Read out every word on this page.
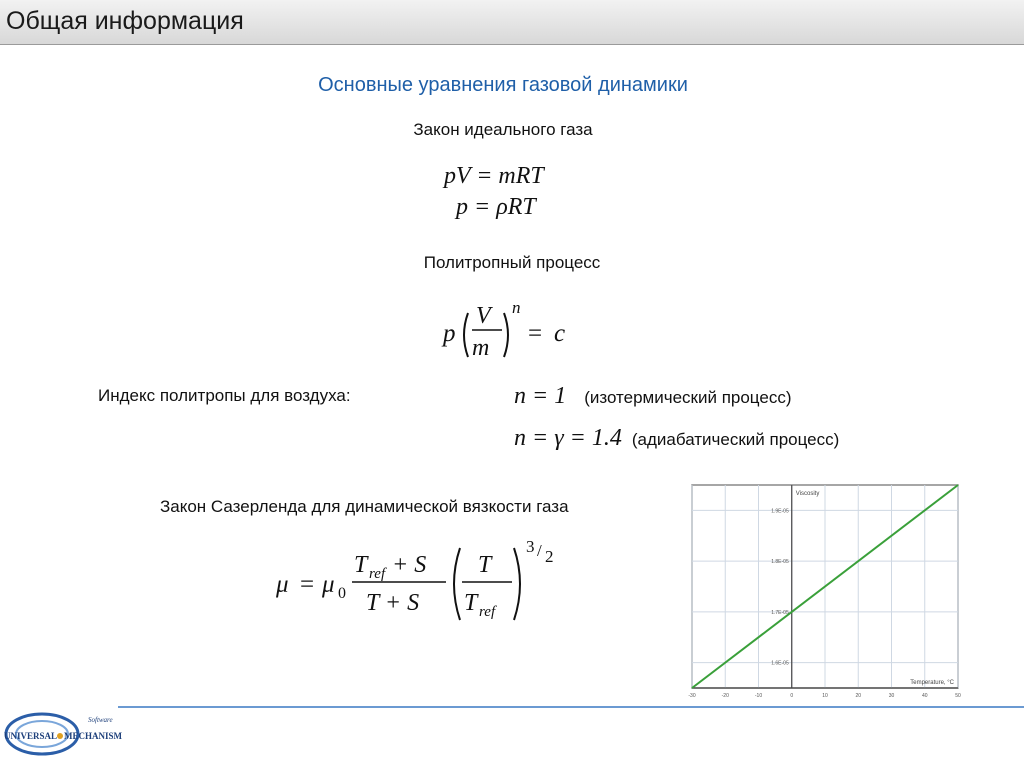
Общая информация
Основные уравнения газовой динамики
Закон идеального газа
pV = mRT
p = ρRT
Политропный процесс
p
V
m
n
= c
Индекс политропы для воздуха:	n = 1 (изотермический процесс)
n = γ = 1.4 (адиабатический процесс)
Закон Сазерленда для динамической вязкости газа
μ = μ 0
T ref + S
T + S
T
T ref
3 / 2
-30	-20	-10	0	10	20	30	40	50
1.6E-05
1.7E-05
1.8E-05
1.9E-05
Viscosity
Temperature, °C
UNIVERSAL MECHANISM
Software
